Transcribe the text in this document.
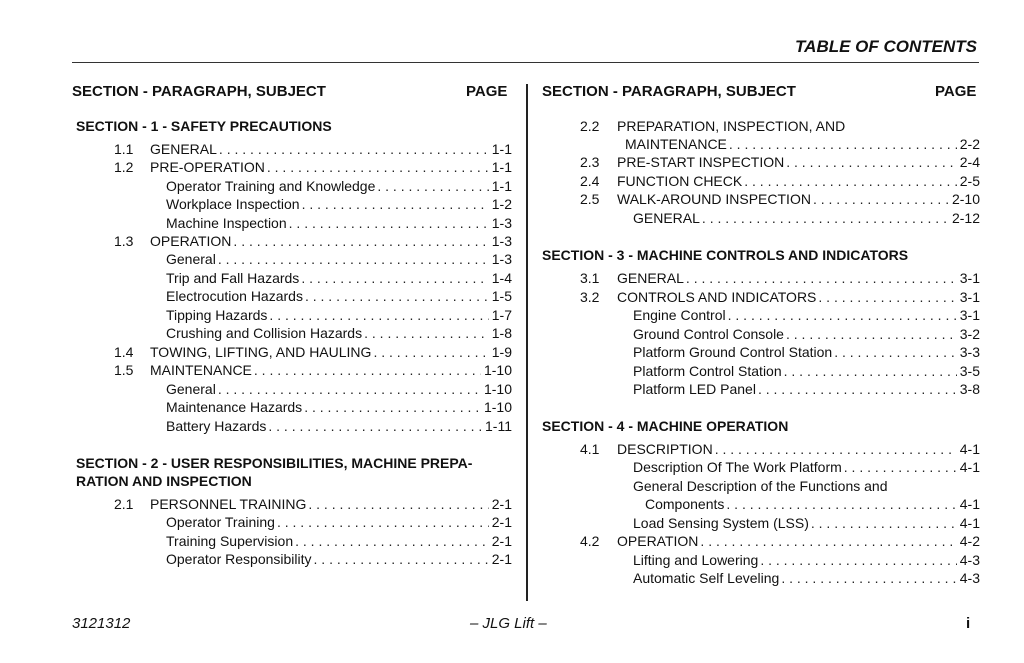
TABLE OF CONTENTS
SECTION - PARAGRAPH, SUBJECT	PAGE SECTION - PARAGRAPH, SUBJECT	PAGE
SECTION - 1 - SAFETY PRECAUTIONS
1.1 GENERAL . . .	1-1
1.2 PRE-OPERATION . . .	1-1
Operator Training and Knowledge . . .	1-1
Workplace Inspection . . .	1-2
Machine Inspection . . .	1-3
1.3 OPERATION . . .	1-3
General . . .	1-3
Trip and Fall Hazards . . .	1-4
Electrocution Hazards . . .	1-5
Tipping Hazards . . .	1-7
Crushing and Collision Hazards . . .	1-8
1.4 TOWING, LIFTING, AND HAULING . . .	1-9
1.5 MAINTENANCE . . .	1-10
General . . .	1-10
Maintenance Hazards . . .	1-10
Battery Hazards . . .	1-11
SECTION - 2 - USER RESPONSIBILITIES, MACHINE PREPA-
RATION AND INSPECTION
2.1 PERSONNEL TRAINING . . .	2-1
Operator Training . . .	2-1
Training Supervision . . .	2-1
Operator Responsibility . . .	2-1
2.2 PREPARATION, INSPECTION, AND
MAINTENANCE . . .	2-2
2.3 PRE-START INSPECTION . . .	2-4
2.4 FUNCTION CHECK . . .	2-5
2.5 WALK-AROUND INSPECTION . . .	2-10
GENERAL . . .	2-12
SECTION - 3 - MACHINE CONTROLS AND INDICATORS
3.1 GENERAL . . .	3-1
3.2 CONTROLS AND INDICATORS . . .	3-1
Engine Control . . .	3-1
Ground Control Console . . .	3-2
Platform Ground Control Station . . .	3-3
Platform Control Station . . .	3-5
Platform LED Panel . . .	3-8
SECTION - 4 - MACHINE OPERATION
4.1 DESCRIPTION . . .	4-1
Description Of The Work Platform . . .	4-1
General Description of the Functions and
Components . . .	4-1
Load Sensing System (LSS) . . .	4-1
4.2 OPERATION . . .	4-2
Lifting and Lowering . . .	4-3
Automatic Self Leveling . . .	4-3
3121312	– JLG Lift –	i
